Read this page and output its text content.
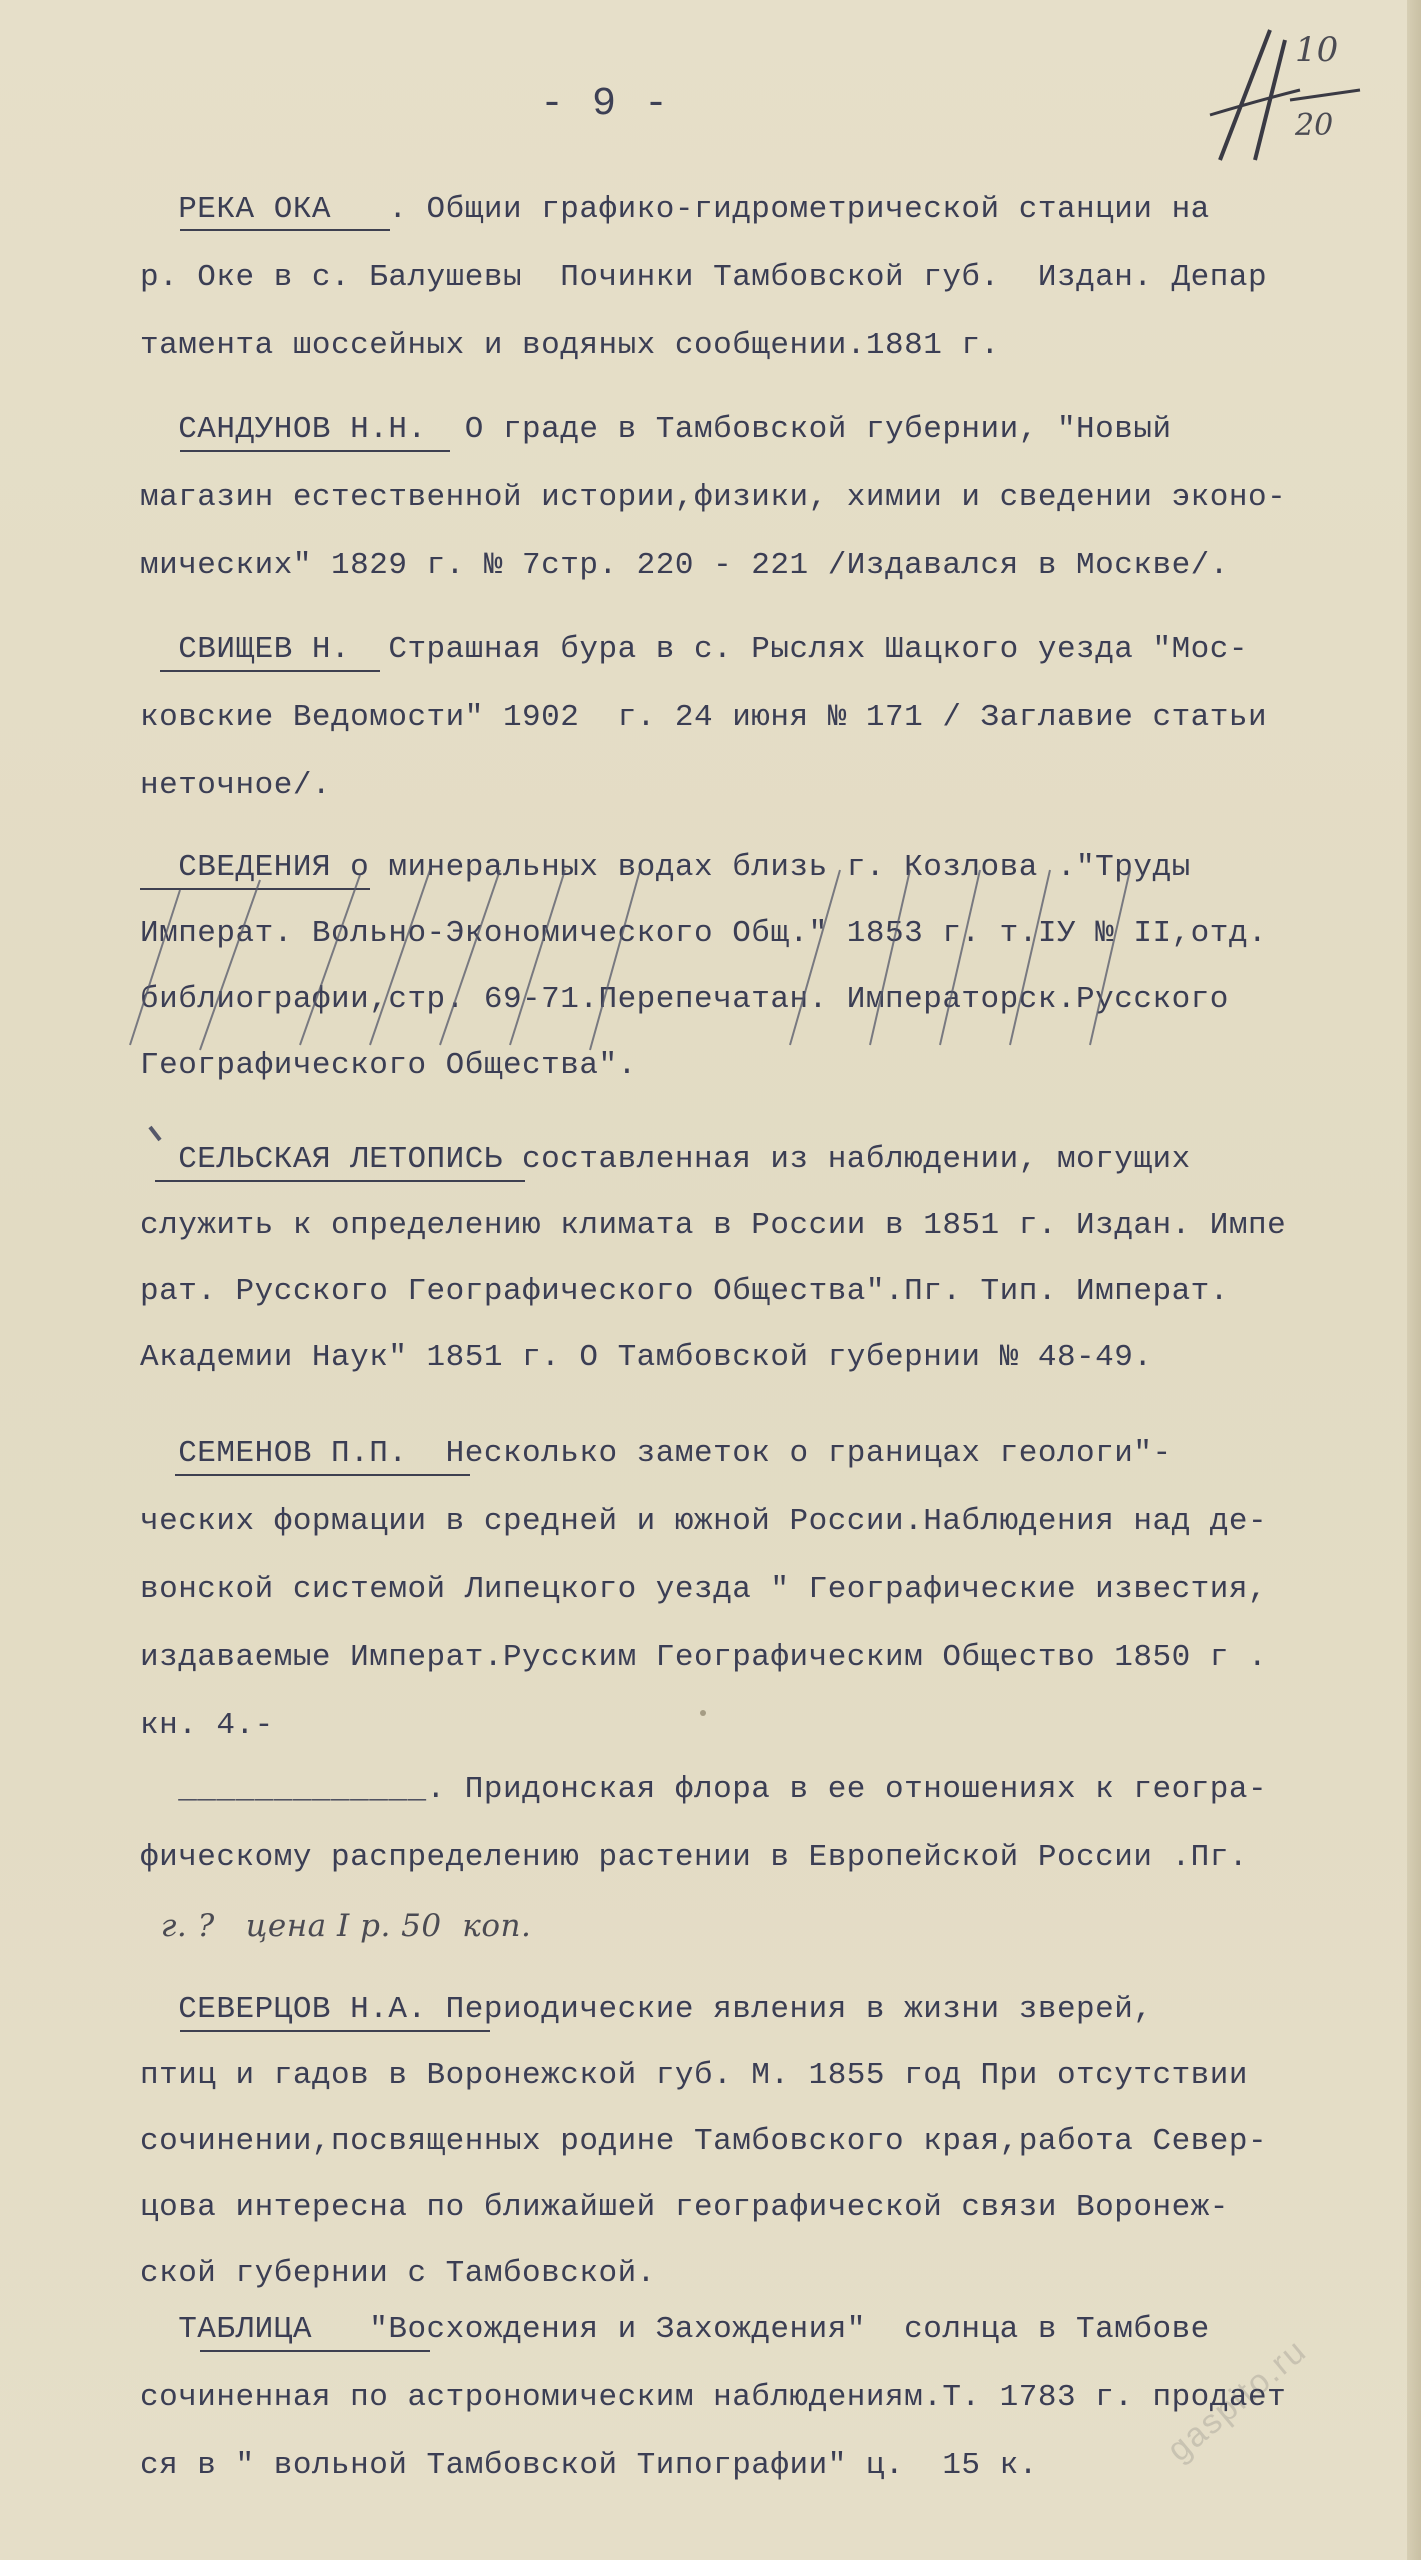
- 9 -
10
20
РЕКА ОКА   . Общии графико-гидрометрической станции на
р. Оке в с. Балушевы  Починки Тамбовской губ.  Издан. Депар
тамента шоссейных и водяных сообщении.1881 г.
САНДУНОВ Н.Н.  О граде в Тамбовской губернии, "Новый
магазин естественной истории,физики, химии и сведении эконо-
мических" 1829 г. № 7стр. 220 - 221 /Издавался в Москве/.
СВИЩЕВ Н.  Страшная бура в с. Рыслях Шацкого уезда "Мос-
ковские Ведомости" 1902  г. 24 июня № 171 / Заглавие статьи
неточное/.
СВЕДЕНИЯ о минеральных водах близь г. Козлова ."Труды
Императ. Вольно-Экономического Общ." 1853 г. т.IУ № II,отд.
библиографии,стр. 69-71.Перепечатан. Императорск.Русского
Географического Общества".
СЕЛЬСКАЯ ЛЕТОПИСЬ составленная из наблюдении, могущих
служить к определению климата в России в 1851 г. Издан. Импе
рат. Русского Географического Общества".Пг. Тип. Императ.
Академии Наук" 1851 г. О Тамбовской губернии № 48-49.
СЕМЕНОВ П.П.  Несколько заметок о границах геологи"-
ческих формации в средней и южной России.Наблюдения над де-
вонской системой Липецкого уезда " Географические известия,
издаваемые Императ.Русским Географическим Общество 1850 г .
кн. 4.-
_____________. Придонская флора в ее отношениях к геогра-
фическому распределению растении в Европейской России .Пг.
г. ?   цена I р. 50  коп.
СЕВЕРЦОВ Н.А. Периодические явления в жизни зверей,
птиц и гадов в Воронежской губ. М. 1855 год При отсутствии
сочинении,посвященных родине Тамбовского края,работа Север-
цова интересна по ближайшей географической связи Воронеж-
ской губернии с Тамбовской.
ТАБЛИЦА   "Восхождения и Захождения"  солнца в Тамбове
сочиненная по астрономическим наблюдениям.Т. 1783 г. продает
ся в " вольной Тамбовской Типографии" ц.  15 к.	gaspito.ru
